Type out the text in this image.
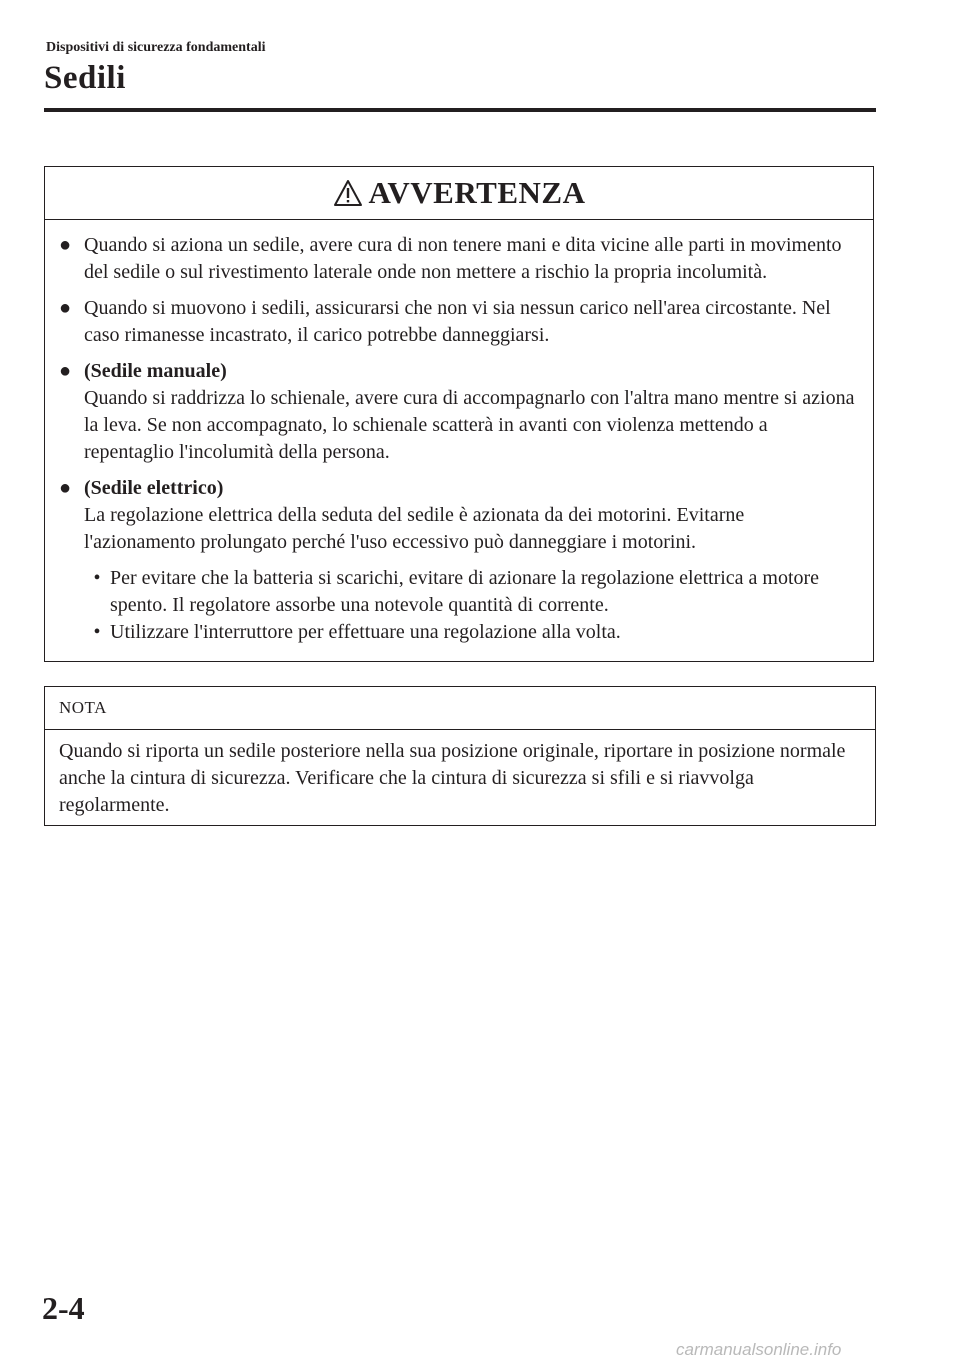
Dispositivi di sicurezza fondamentali
Sedili
AVVERTENZA
● Quando si aziona un sedile, avere cura di non tenere mani e dita vicine alle parti in movimento del sedile o sul rivestimento laterale onde non mettere a rischio la propria incolumità.
● Quando si muovono i sedili, assicurarsi che non vi sia nessun carico nell'area circostante. Nel caso rimanesse incastrato, il carico potrebbe danneggiarsi.
● (Sedile manuale)
Quando si raddrizza lo schienale, avere cura di accompagnarlo con l'altra mano mentre si aziona la leva. Se non accompagnato, lo schienale scatterà in avanti con violenza mettendo a repentaglio l'incolumità della persona.
● (Sedile elettrico)
La regolazione elettrica della seduta del sedile è azionata da dei motorini. Evitarne l'azionamento prolungato perché l'uso eccessivo può danneggiare i motorini.
• Per evitare che la batteria si scarichi, evitare di azionare la regolazione elettrica a motore spento. Il regolatore assorbe una notevole quantità di corrente.
• Utilizzare l'interruttore per effettuare una regolazione alla volta.
NOTA
Quando si riporta un sedile posteriore nella sua posizione originale, riportare in posizione normale anche la cintura di sicurezza. Verificare che la cintura di sicurezza si sfili e si riavvolga regolarmente.
2-4
carmanualsonline.info
